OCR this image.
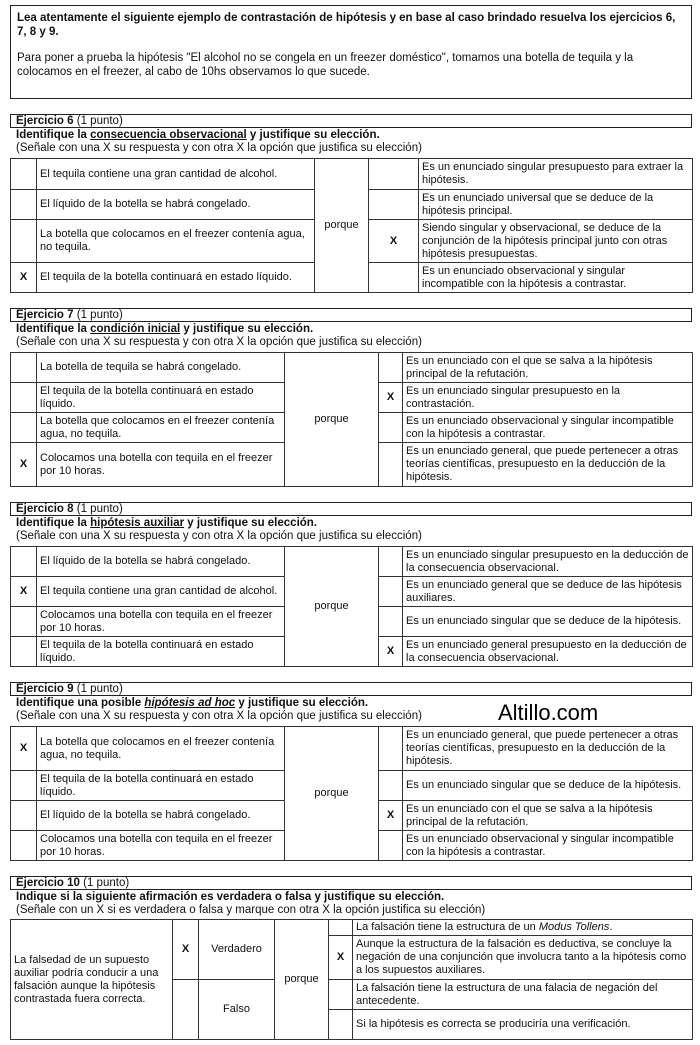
Lea atentamente el siguiente ejemplo de contrastación de hipótesis y en base al caso brindado resuelva los ejercicios 6, 7, 8 y 9.

Para poner a prueba la hipótesis "El alcohol no se congela en un freezer doméstico", tomamos una botella de tequila y la colocamos en el freezer, al cabo de 10hs observamos lo que sucede.

Ejercicio 6 (1 punto)
Identifique la consecuencia observacional y justifique su elección.
(Señale con una X su respuesta y con otra X la opción que justifica su elección)
	El tequila contiene una gran cantidad de alcohol.	porque		Es un enunciado singular presupuesto para extraer la hipótesis.
	El líquido de la botella se habrá congelado.			Es un enunciado universal que se deduce de la hipótesis principal.
	La botella que colocamos en el freezer contenía agua, no tequila.		X	Siendo singular y observacional, se deduce de la conjunción de la hipótesis principal junto con otras hipótesis presupuestas.
X	El tequila de la botella continuará en estado líquido.			Es un enunciado observacional y singular incompatible con la hipótesis a contrastar.
Ejercicio 7 (1 punto)
Identifique la condición inicial y justifique su elección.
(Señale con una X su respuesta y con otra X la opción que justifica su elección)
	La botella de tequila se habrá congelado.	porque		Es un enunciado con el que se salva a la hipótesis principal de la refutación.
	El tequila de la botella continuará en estado líquido.		X	Es un enunciado singular presupuesto en la contrastación.
	La botella que colocamos en el freezer contenía agua, no tequila.			Es un enunciado observacional y singular incompatible con la hipótesis a contrastar.
X	Colocamos una botella con tequila en el freezer por 10 horas.			Es un enunciado general, que puede pertenecer a otras teorías científicas, presupuesto en la deducción de la hipótesis.
Ejercicio 8 (1 punto)
Identifique la hipótesis auxiliar y justifique su elección.
(Señale con una X su respuesta y con otra X la opción que justifica su elección)
	El líquido de la botella se habrá congelado.	porque		Es un enunciado singular presupuesto en la deducción de la consecuencia observacional.
X	El tequila contiene una gran cantidad de alcohol.			Es un enunciado general que se deduce de las hipótesis auxiliares.
	Colocamos una botella con tequila en el freezer por 10 horas.			Es un enunciado singular que se deduce de la hipótesis.
	El tequila de la botella continuará en estado líquido.		X	Es un enunciado general presupuesto en la deducción de la consecuencia observacional.
Ejercicio 9 (1 punto)
Identifique una posible hipótesis ad hoc y justifique su elección.
(Señale con una X su respuesta y con otra X la opción que justifica su elección)	Altillo.com
X	La botella que colocamos en el freezer contenía agua, no tequila.	porque		Es un enunciado general, que puede pertenecer a otras teorías científicas, presupuesto en la deducción de la hipótesis.
	El tequila de la botella continuará en estado líquido.			Es un enunciado singular que se deduce de la hipótesis.
	El líquido de la botella se habrá congelado.		X	Es un enunciado con el que se salva a la hipótesis principal de la refutación.
	Colocamos una botella con tequila en el freezer por 10 horas.			Es un enunciado observacional y singular incompatible con la hipótesis a contrastar.
Ejercicio 10 (1 punto)
Indique si la siguiente afirmación es verdadera o falsa y justifique su elección.
(Señale con un X si es verdadera o falsa y marque con otra X la opción justifica su elección)
La falsedad de un supuesto auxiliar podría conducir a una falsación aunque la hipótesis contrastada fuera correcta.	X	Verdadero	porque		La falsación tiene la estructura de un Modus Tollens.
				X	Aunque la estructura de la falsación es deductiva, se concluye la negación de una conjunción que involucra tanto a la hipótesis como a los supuestos auxiliares.
		Falso			La falsación tiene la estructura de una falacia de negación del antecedente.
					Si la hipótesis es correcta se produciría una verificación.
